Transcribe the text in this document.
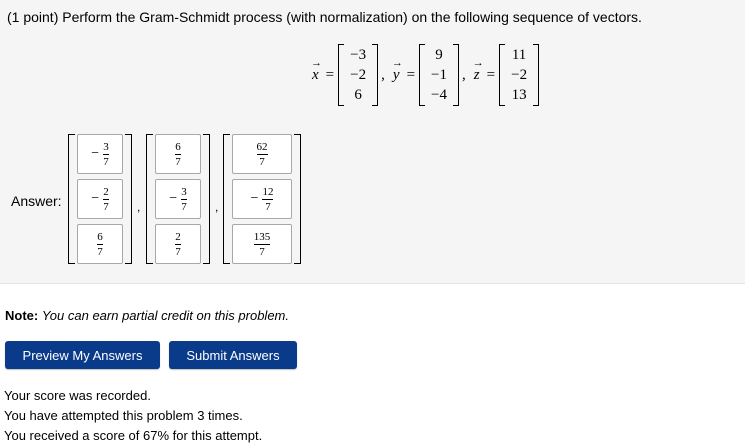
(1 point) Perform the Gram-Schmidt process (with normalization) on the following sequence of vectors.
→
x =
−3
−2
6
,
→
y =
9
−1
−4
,
→
z =
11
−2
13
Answer:
− $\frac{3}{7}$
− $\frac{2}{7}$
$\frac{6}{7}$
,
$\frac{6}{7}$
− $\frac{3}{7}$
$\frac{2}{7}$
,
$\frac{62}{7}$
− $\frac{12}{7}$
$\frac{135}{7}$
Note: You can earn partial credit on this problem.
Preview My Answers	Submit Answers
Your score was recorded.
You have attempted this problem 3 times.
You received a score of 67% for this attempt.
